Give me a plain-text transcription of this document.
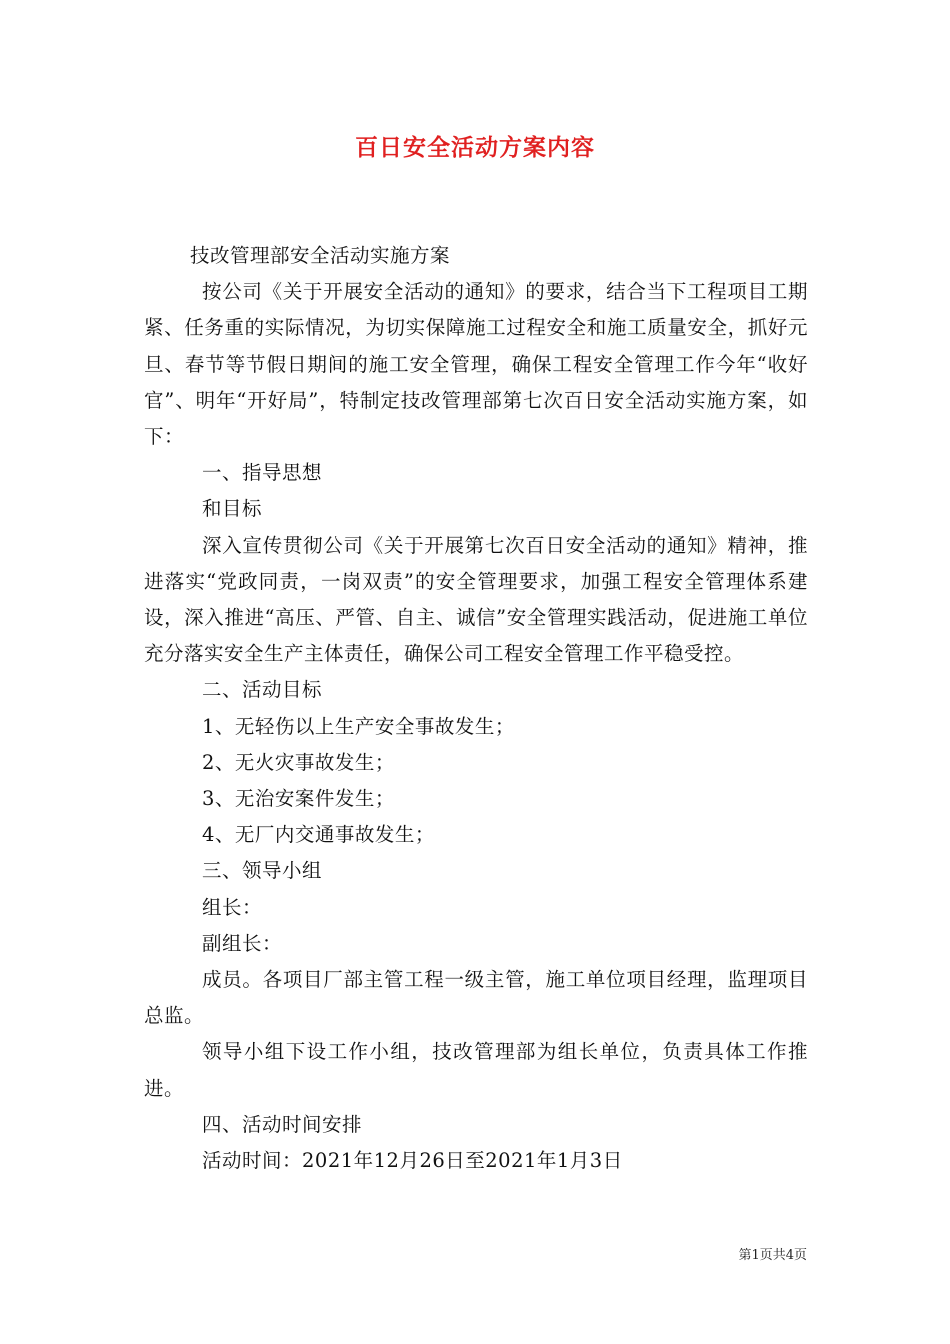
百日安全活动方案内容

技改管理部安全活动实施方案

按公司《关于开展安全活动的通知》的要求，结合当下工程项目工期紧、任务重的实际情况，为切实保障施工过程安全和施工质量安全，抓好元旦、春节等节假日期间的施工安全管理，确保工程安全管理工作今年“收好官”、明年“开好局”，特制定技改管理部第七次百日安全活动实施方案，如下：

一、指导思想

和目标

深入宣传贯彻公司《关于开展第七次百日安全活动的通知》精神，推进落实“党政同责，一岗双责”的安全管理要求，加强工程安全管理体系建设，深入推进“高压、严管、自主、诚信”安全管理实践活动，促进施工单位充分落实安全生产主体责任，确保公司工程安全管理工作平稳受控。

二、活动目标

1、无轻伤以上生产安全事故发生；

2、无火灾事故发生；

3、无治安案件发生；

4、无厂内交通事故发生；

三、领导小组

组长：

副组长：

成员。各项目厂部主管工程一级主管，施工单位项目经理，监理项目总监。

领导小组下设工作小组，技改管理部为组长单位，负责具体工作推进。

四、活动时间安排

活动时间：2021年12月26日至2021年1月3日

第1页共4页
